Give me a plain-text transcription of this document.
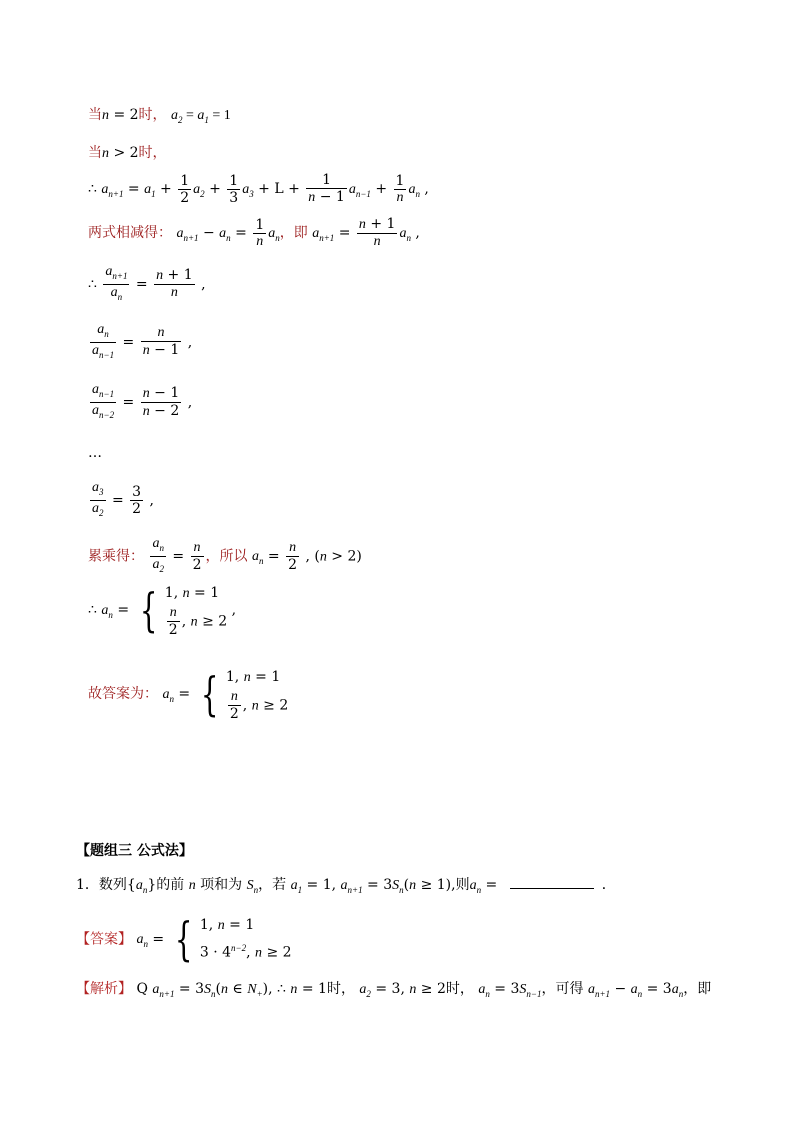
当n = 2时， $a_2 = a_1 = 1$
当n > 2时，
∴ $a_{n+1} = a_1 + \frac{1}{2} a_2 + \frac{1}{3} a_3 + L + \frac{1}{n - 1} a_{n-1} + \frac{1}{n} a_n$ ,
两式相减得： $a_{n+1} - a_n = \frac{1}{n} a_n$，即 $a_{n+1} = \frac{n + 1}{n} a_n$ ,
∴ $\frac{a_{n+1}}{a_n} = \frac{n + 1}{n}$ ,
$\frac{a_n}{a_{n-1}} = \frac{n}{n - 1}$ ,
$\frac{a_{n-1}}{a_{n-2}} = \frac{n - 1}{n - 2}$ ,
…
$\frac{a_3}{a_2} = \frac{3}{2}$ ,
累乘得： $\frac{a_n}{a_2} = \frac{n}{2}$ ，所以 $a_n = \frac{n}{2}$ , (n > 2)
∴ $a_n$ = { 1, n = 1
$\frac{n}{2}$ , n ≥ 2
,
故答案为： $a_n$ = { 1, n = 1
$\frac{n}{2}$ , n ≥ 2
【题组三 公式法】
1．数列$\{a_n\}$的前 n 项和为 $S_n$，若 $a_1 = 1$, $a_{n+1} = 3S_n(n \ge 1)$,则$a_n$ =	．
【答案】 $a_n$ = { 1, n = 1
$3 \cdot 4^{n-2}$, n ≥ 2
【解析】 Q $a_{n+1} = 3S_n(n$ ∈ $N_+$), ∴ n = 1时， $a_2 = 3$, n ≥ 2时， $a_n = 3S_{n-1}$，可得 $a_{n+1} - a_n = 3a_n$，即
